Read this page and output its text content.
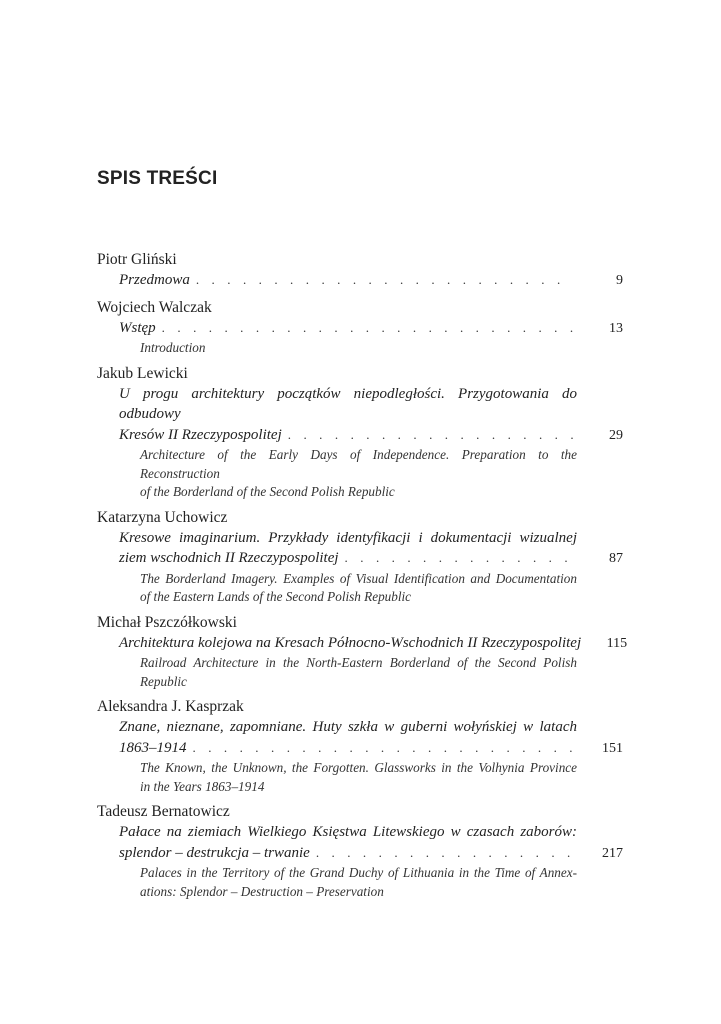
SPIS TREŚCI
Piotr Gliński
Przedmowa . . .	9
Wojciech Walczak
Wstęp . . .	13
Introduction
Jakub Lewicki
U progu architektury początków niepodległości. Przygotowania do odbudowy
Kresów II Rzeczypospolitej . . .	29
Architecture of the Early Days of Independence. Preparation to the Reconstruction
of the Borderland of the Second Polish Republic
Katarzyna Uchowicz
Kresowe imaginarium. Przykłady identyfikacji i dokumentacji wizualnej
ziem wschodnich II Rzeczypospolitej . . .	87
The Borderland Imagery. Examples of Visual Identification and Documentation
of the Eastern Lands of the Second Polish Republic
Michał Pszczółkowski
Architektura kolejowa na Kresach Północno-Wschodnich II Rzeczypospolitej	115
Railroad Architecture in the North-Eastern Borderland of the Second Polish
Republic
Aleksandra J. Kasprzak
Znane, nieznane, zapomniane. Huty szkła w guberni wołyńskiej w latach
1863–1914 . . .	151
The Known, the Unknown, the Forgotten. Glassworks in the Volhynia Province
in the Years 1863–1914
Tadeusz Bernatowicz
Pałace na ziemiach Wielkiego Księstwa Litewskiego w czasach zaborów:
splendor – destrukcja – trwanie . . .	217
Palaces in the Territory of the Grand Duchy of Lithuania in the Time of Annex-
ations: Splendor – Destruction – Preservation
